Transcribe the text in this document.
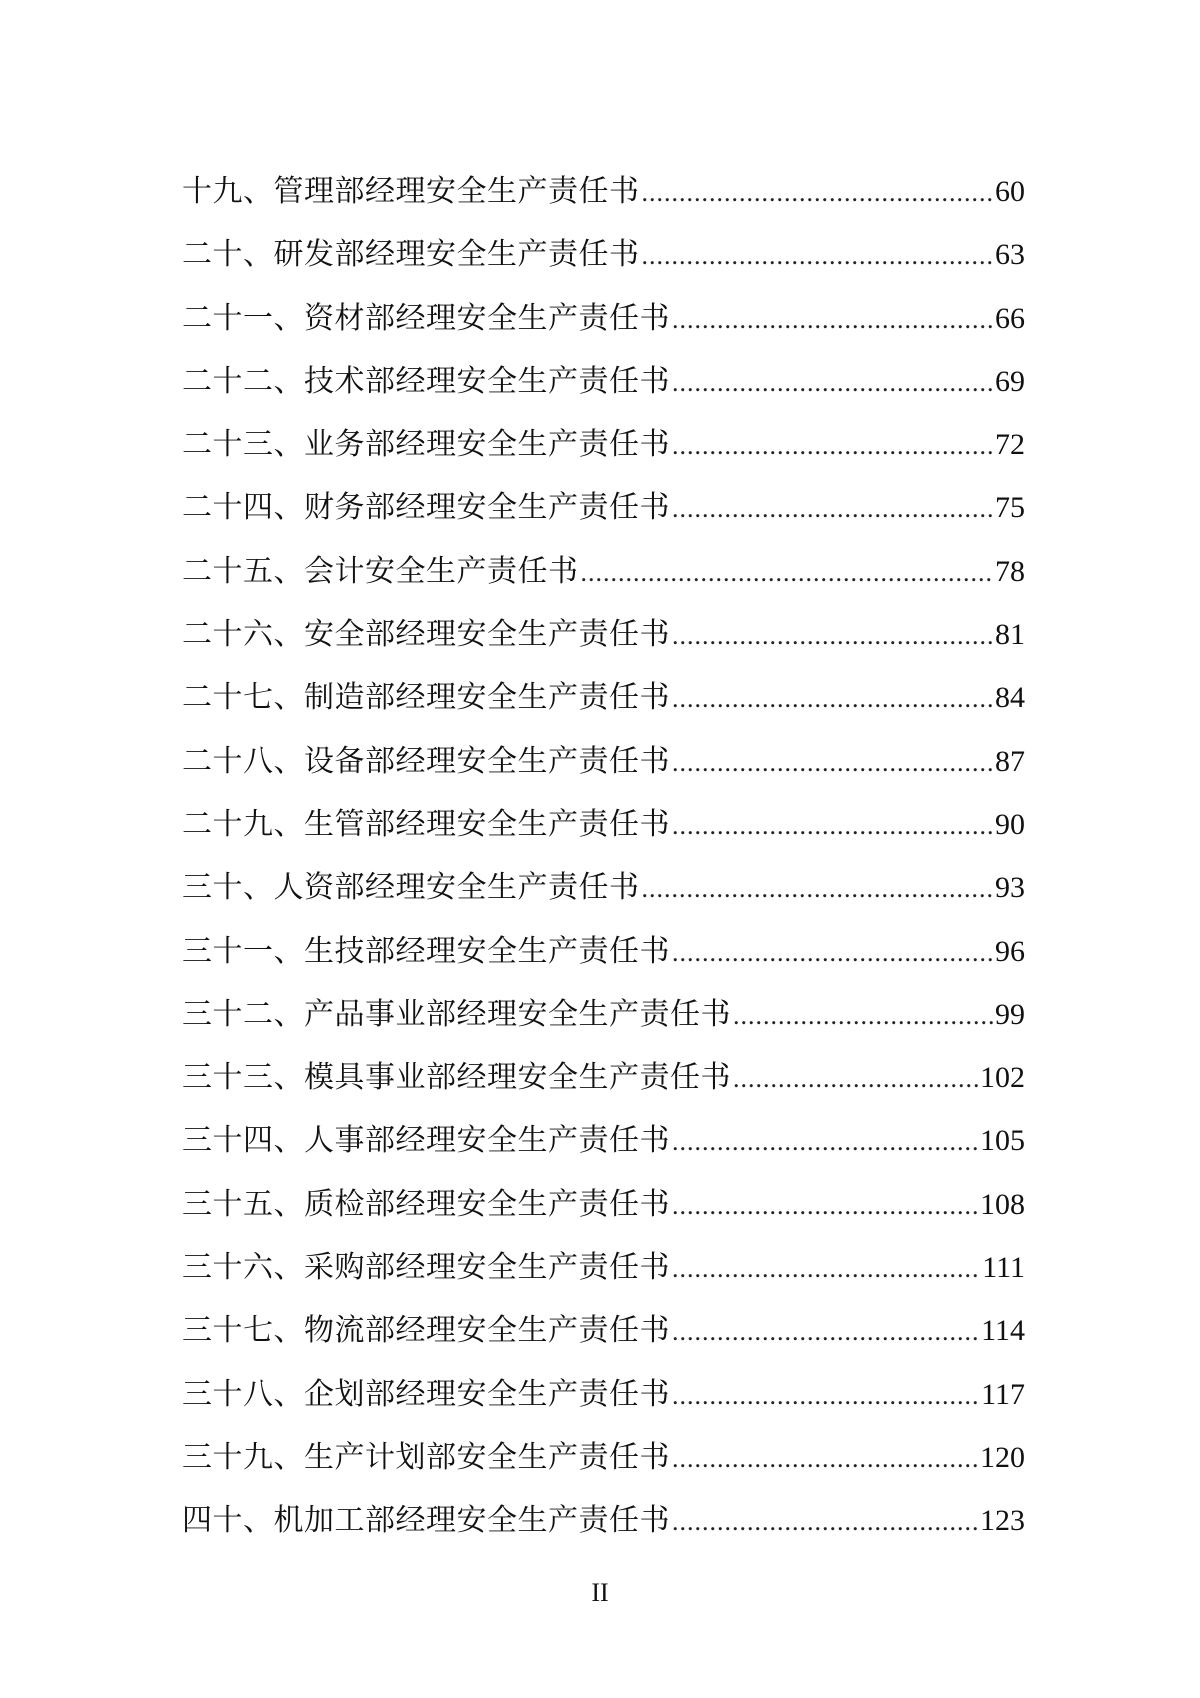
十九、管理部经理安全生产责任书 .....	60
二十、研发部经理安全生产责任书 .....	63
二十一、资材部经理安全生产责任书 .....	66
二十二、技术部经理安全生产责任书 .....	69
二十三、业务部经理安全生产责任书 .....	72
二十四、财务部经理安全生产责任书 .....	75
二十五、会计安全生产责任书 .....	78
二十六、安全部经理安全生产责任书 .....	81
二十七、制造部经理安全生产责任书 .....	84
二十八、设备部经理安全生产责任书 .....	87
二十九、生管部经理安全生产责任书 .....	90
三十、人资部经理安全生产责任书 .....	93
三十一、生技部经理安全生产责任书 .....	96
三十二、产品事业部经理安全生产责任书 .....	99
三十三、模具事业部经理安全生产责任书 .....	102
三十四、人事部经理安全生产责任书 .....	105
三十五、质检部经理安全生产责任书 .....	108
三十六、采购部经理安全生产责任书 .....	111
三十七、物流部经理安全生产责任书 .....	114
三十八、企划部经理安全生产责任书 .....	117
三十九、生产计划部安全生产责任书 .....	120
四十、机加工部经理安全生产责任书 .....	123
II
